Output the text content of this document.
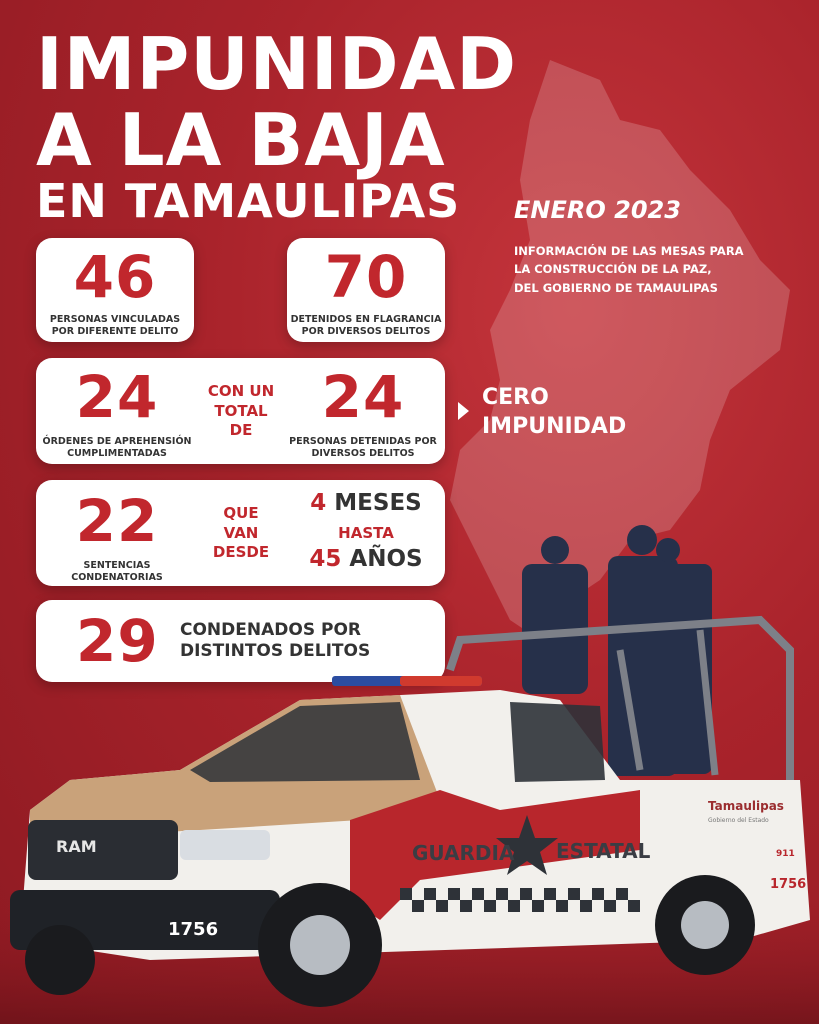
IMPUNIDAD
A LA BAJA
EN TAMAULIPAS ENERO 2023
INFORMACIÓN DE LAS MESAS PARA
LA CONSTRUCCIÓN DE LA PAZ,
DEL GOBIERNO DE TAMAULIPAS
46
PERSONAS VINCULADAS
POR DIFERENTE DELITO
70
DETENIDOS EN FLAGRANCIA
POR DIVERSOS DELITOS
24
ÓRDENES DE APREHENSIÓN
CUMPLIMENTADAS
CON UN
TOTAL
DE	24
PERSONAS DETENIDAS POR
DIVERSOS DELITOS
CERO
IMPUNIDAD
22
SENTENCIAS
CONDENATORIAS
QUE
VAN
DESDE
4 MESES
HASTA
45 AÑOS
29 CONDENADOS POR
DISTINTOS DELITOS
RAM
1756
GUARDIA ESTATAL
Tamaulipas
Gobierno del Estado
911
1756
